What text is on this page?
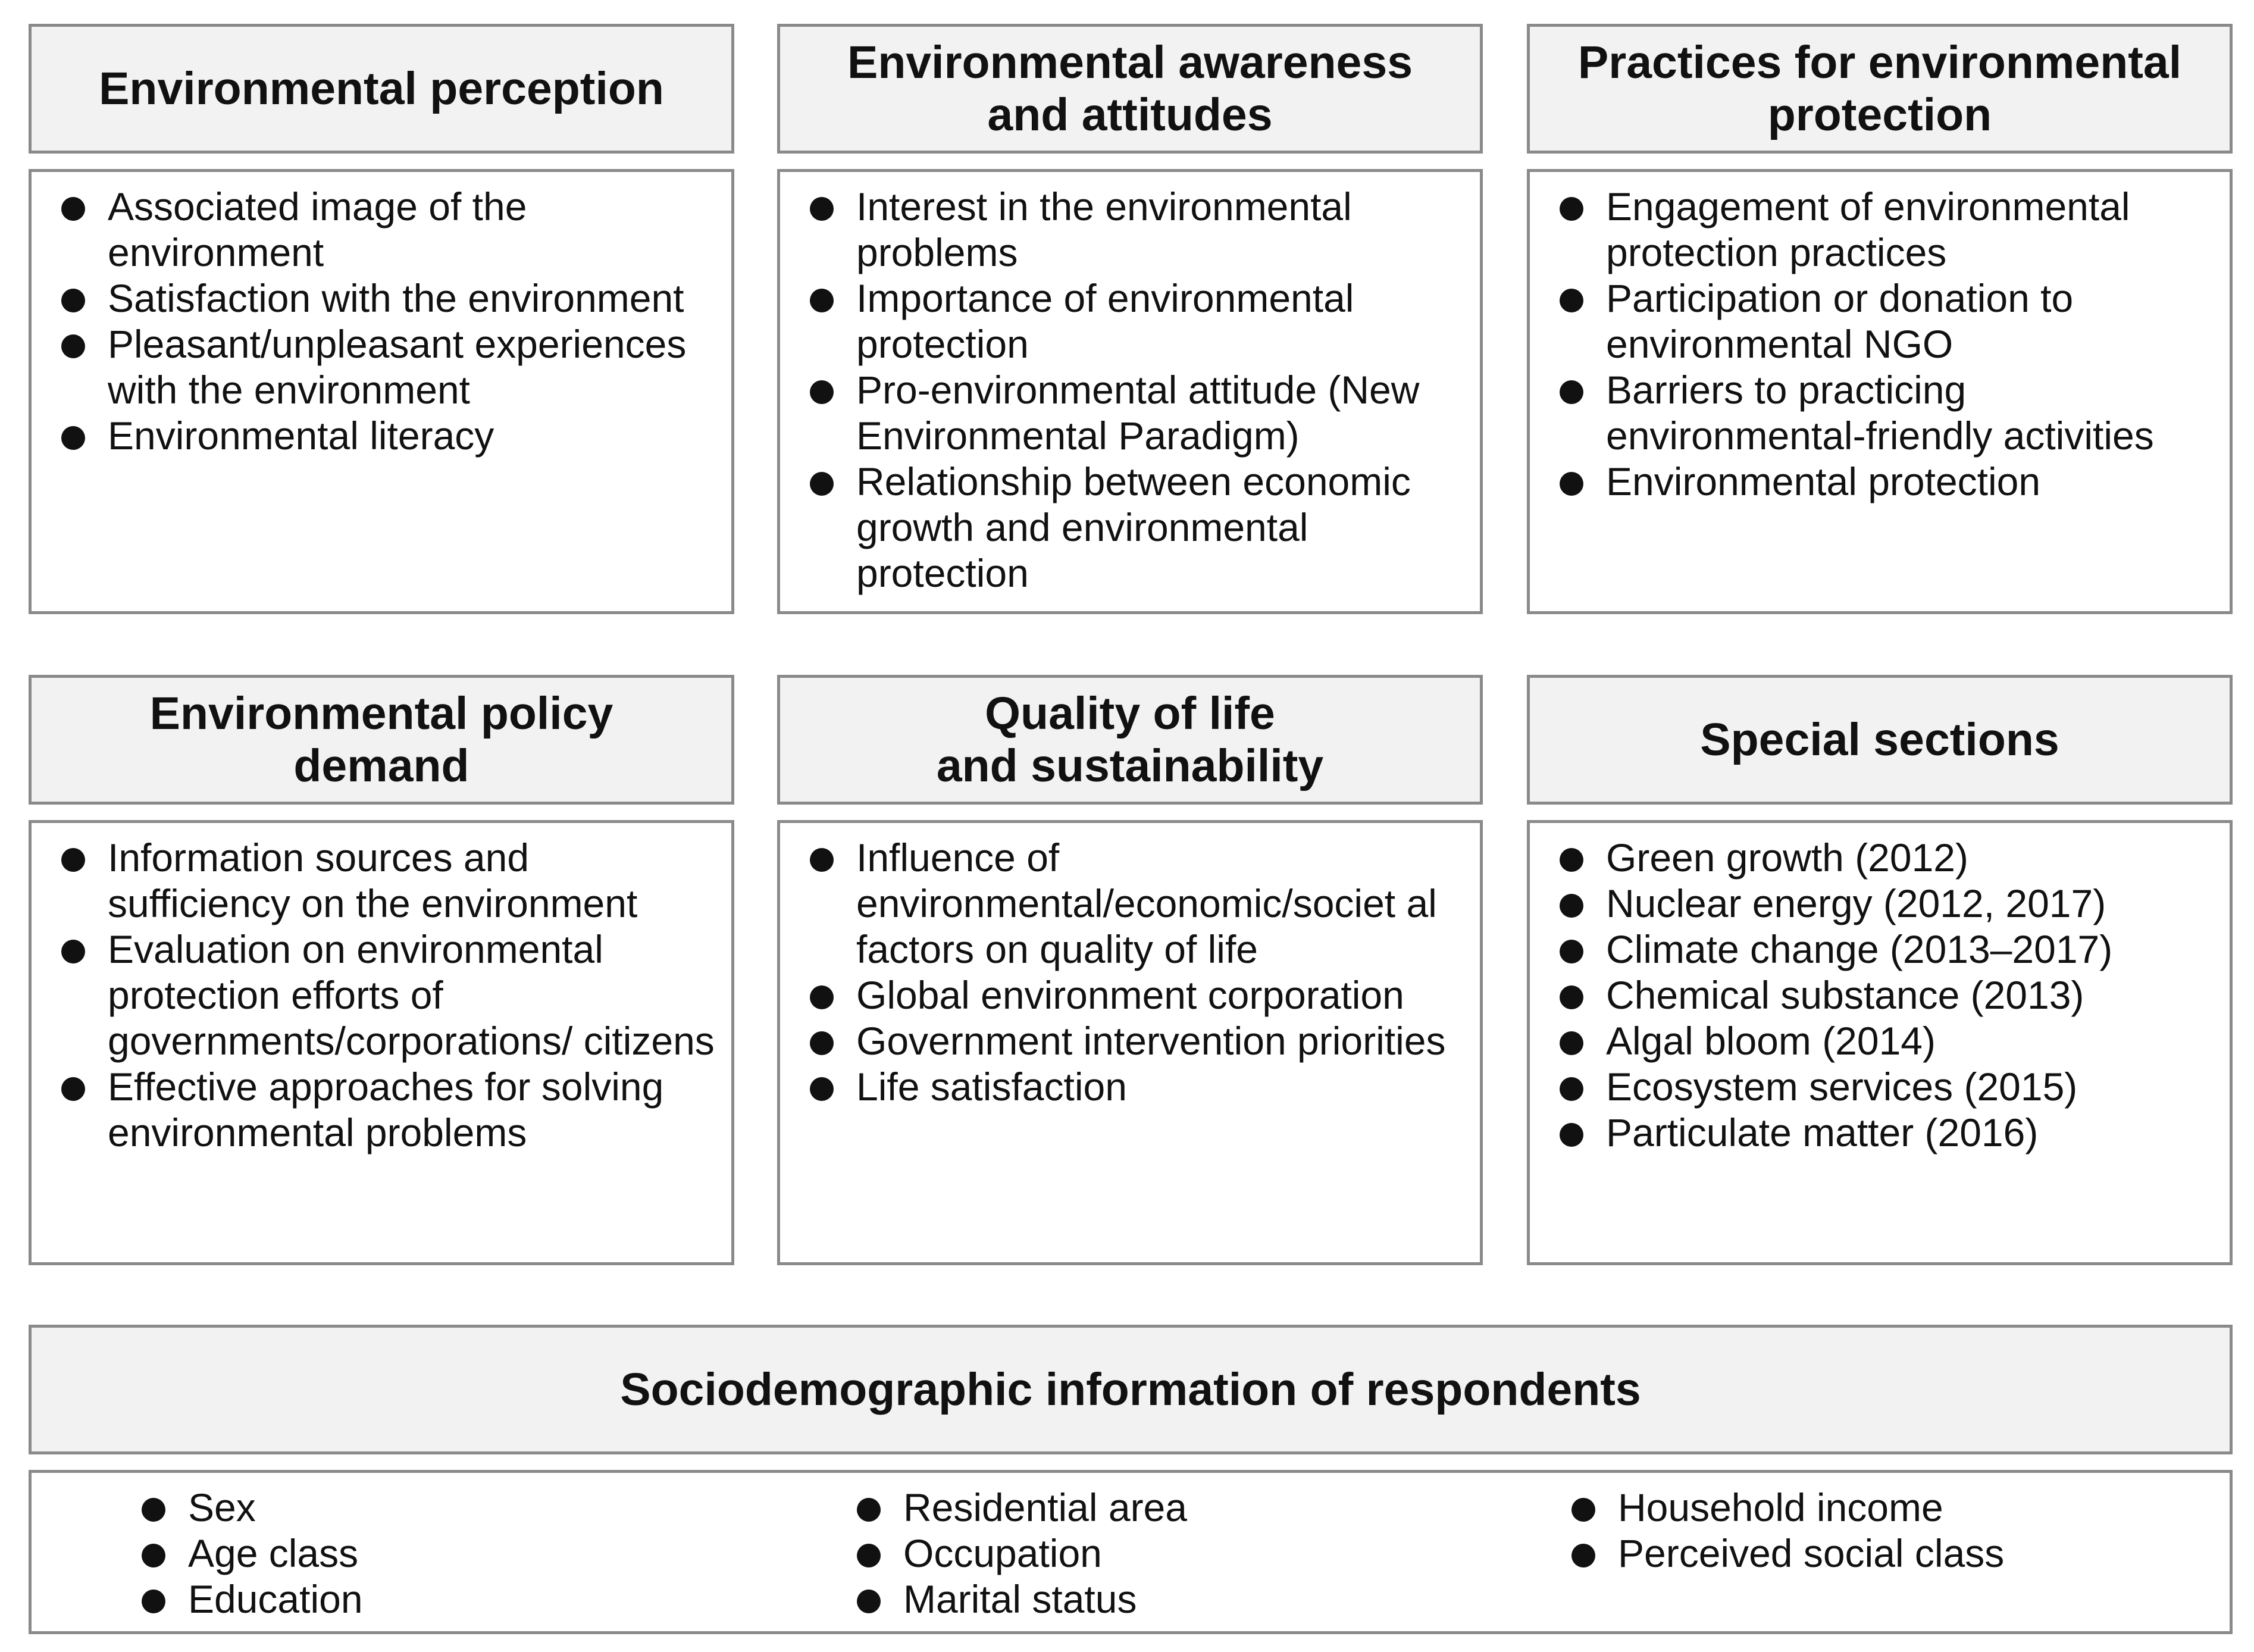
Environmental perception
Associated image of the environment
Satisfaction with the environment
Pleasant/unpleasant experiences with the environment
Environmental literacy
Environmental awareness
and attitudes
Interest in the environmental problems
Importance of environmental protection
Pro-environmental attitude (New Environmental Paradigm)
Relationship between economic growth and environmental protection
Practices for environmental
protection
Engagement of environmental protection practices
Participation or donation to environmental NGO
Barriers to practicing environmental-friendly activities
Environmental protection
Environmental policy
demand
Information sources and sufficiency on the environment
Evaluation on environmental protection efforts of governments/corporations/ citizens
Effective approaches for solving environmental problems
Quality of life
and sustainability
Influence of environmental/economic/societ al factors on quality of life
Global environment corporation
Government intervention priorities
Life satisfaction
Special sections
Green growth (2012)
Nuclear energy (2012, 2017)
Climate change (2013–2017)
Chemical substance (2013)
Algal bloom (2014)
Ecosystem services (2015)
Particulate matter (2016)
Sociodemographic information of respondents
Sex
Age class
Education
Residential area
Occupation
Marital status
Household income
Perceived social class
